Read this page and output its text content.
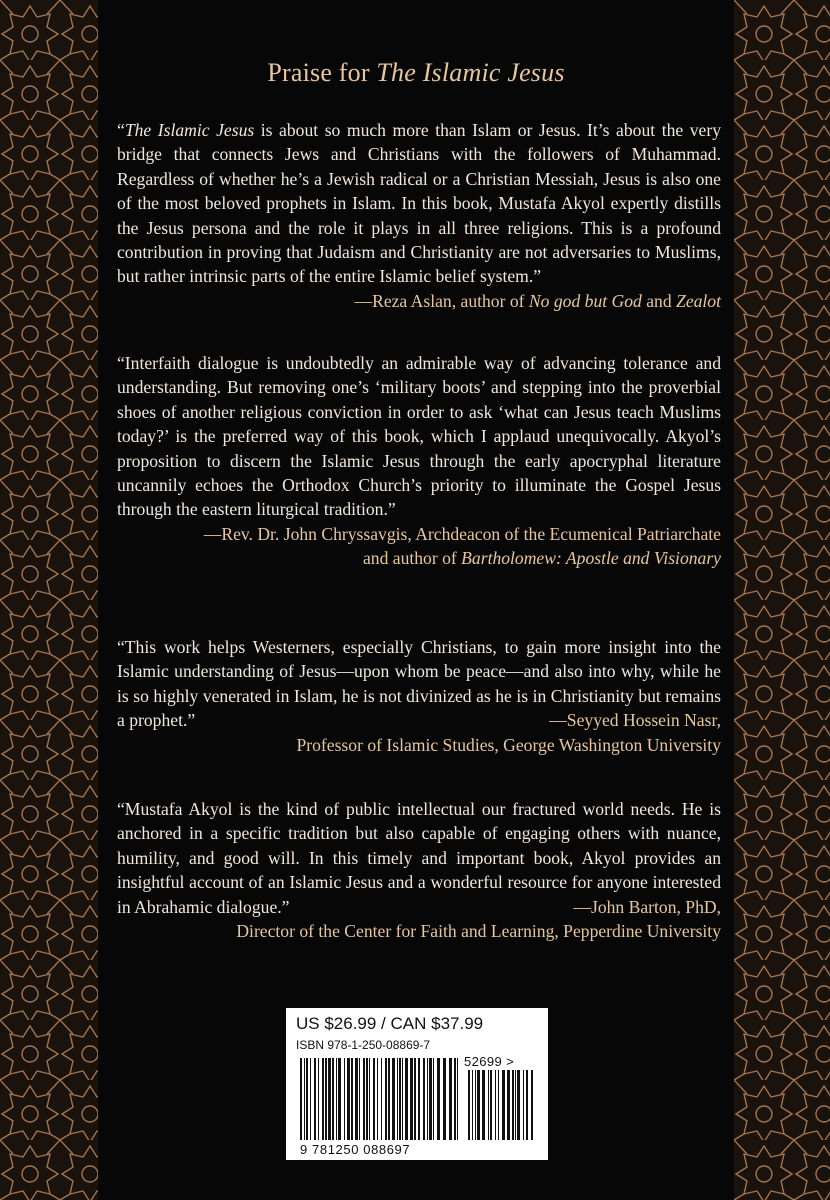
Praise for The Islamic Jesus

“The Islamic Jesus is about so much more than Islam or Jesus. It’s about the very bridge that connects Jews and Christians with the followers of Muhammad. Regardless of whether he’s a Jewish radical or a Christian Messiah, Jesus is also one of the most beloved prophets in Islam. In this book, Mustafa Akyol expertly distills the Jesus persona and the role it plays in all three religions. This is a profound contribution in proving that Judaism and Christianity are not adversaries to Muslims, but rather intrinsic parts of the entire Islamic belief system.”
—Reza Aslan, author of No god but God and Zealot

“Interfaith dialogue is undoubtedly an admirable way of advancing tolerance and understanding. But removing one’s ‘military boots’ and stepping into the proverbial shoes of another religious conviction in order to ask ‘what can Jesus teach Muslims today?’ is the preferred way of this book, which I applaud unequivocally. Akyol’s proposition to discern the Islamic Jesus through the early apocryphal literature uncannily echoes the Orthodox Church’s priority to illuminate the Gospel Jesus through the eastern liturgical tradition.”

—Rev. Dr. John Chryssavgis, Archdeacon of the Ecumenical Patriarchate

and author of Bartholomew: Apostle and Visionary

“This work helps Westerners, especially Christians, to gain more insight into the Islamic understanding of Jesus—upon whom be peace—and also into why, while he is so highly venerated in Islam, he is not divinized as he is in Christianity but remains a prophet.”	—Seyyed Hossein Nasr,

Professor of Islamic Studies, George Washington University

“Mustafa Akyol is the kind of public intellectual our fractured world needs. He is anchored in a specific tradition but also capable of engaging others with nuance, humility, and good will. In this timely and important book, Akyol provides an insightful account of an Islamic Jesus and a wonderful resource for anyone interested in Abrahamic dialogue.”	—John Barton, PhD,

Director of the Center for Faith and Learning, Pepperdine University

US $26.99 / CAN $37.99
ISBN 978-1-250-08869-7
9 781250 088697
52699 >
